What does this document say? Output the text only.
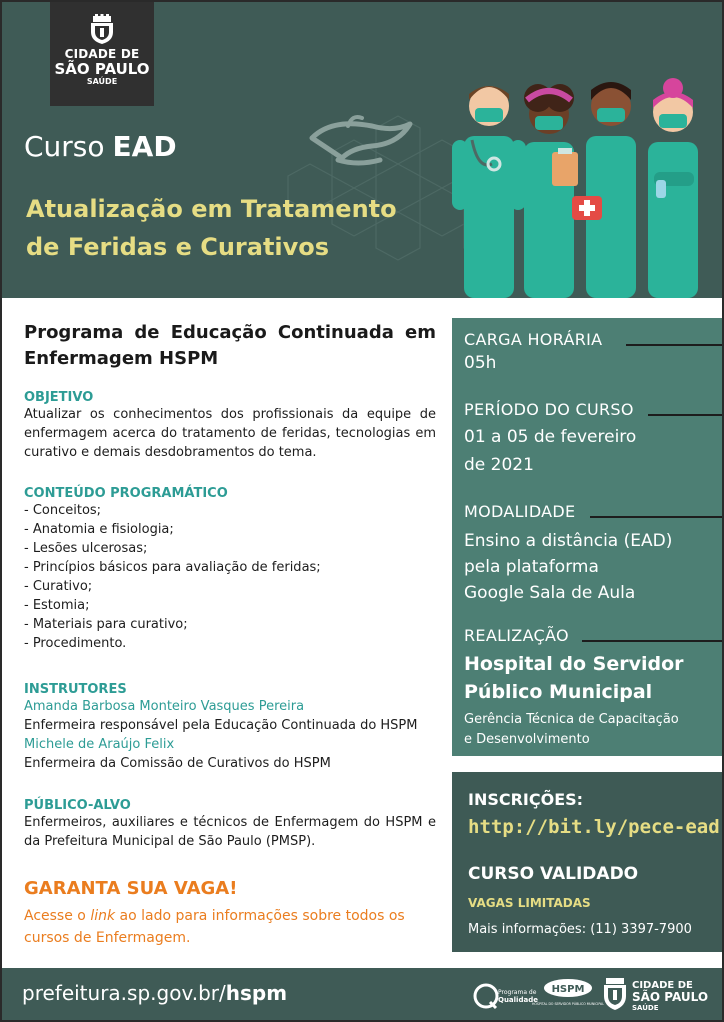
CIDADE DE
SÃO PAULO
SAÚDE
Curso EAD
Atualização em Tratamento
de Feridas e Curativos
Programa de Educação Continuada em Enfermagem HSPM
OBJETIVO
Atualizar os conhecimentos dos profissionais da equipe de enfermagem acerca do tratamento de feridas, tecnologias em curativo e demais desdobramentos do tema.
CONTEÚDO PROGRAMÁTICO
- Conceitos;
- Anatomia e fisiologia;
- Lesões ulcerosas;
- Princípios básicos para avaliação de feridas;
- Curativo;
- Estomia;
- Materiais para curativo;
- Procedimento.
INSTRUTORES
Amanda Barbosa Monteiro Vasques Pereira
Enfermeira responsável pela Educação Continuada do HSPM
Michele de Araújo Felix
Enfermeira da Comissão de Curativos do HSPM
PÚBLICO-ALVO
Enfermeiros, auxiliares e técnicos de Enfermagem do HSPM e da Prefeitura Municipal de São Paulo (PMSP).
GARANTA SUA VAGA!
Acesse o link ao lado para informações sobre todos os cursos de Enfermagem.
CARGA HORÁRIA
05h
PERÍODO DO CURSO
01 a 05 de fevereiro
de 2021
MODALIDADE
Ensino a distância (EAD)
pela plataforma
Google Sala de Aula
REALIZAÇÃO
Hospital do Servidor
Público Municipal
Gerência Técnica de Capacitação
e Desenvolvimento
INSCRIÇÕES:
http://bit.ly/pece-ead
CURSO VALIDADO
VAGAS LIMITADAS
Mais informações: (11) 3397-7900
prefeitura.sp.gov.br/hspm	Programa de
Qualidade
HSPM
HOSPITAL DO SERVIDOR PÚBLICO MUNICIPAL
CIDADE DE
SÃO PAULO
SAÚDE
